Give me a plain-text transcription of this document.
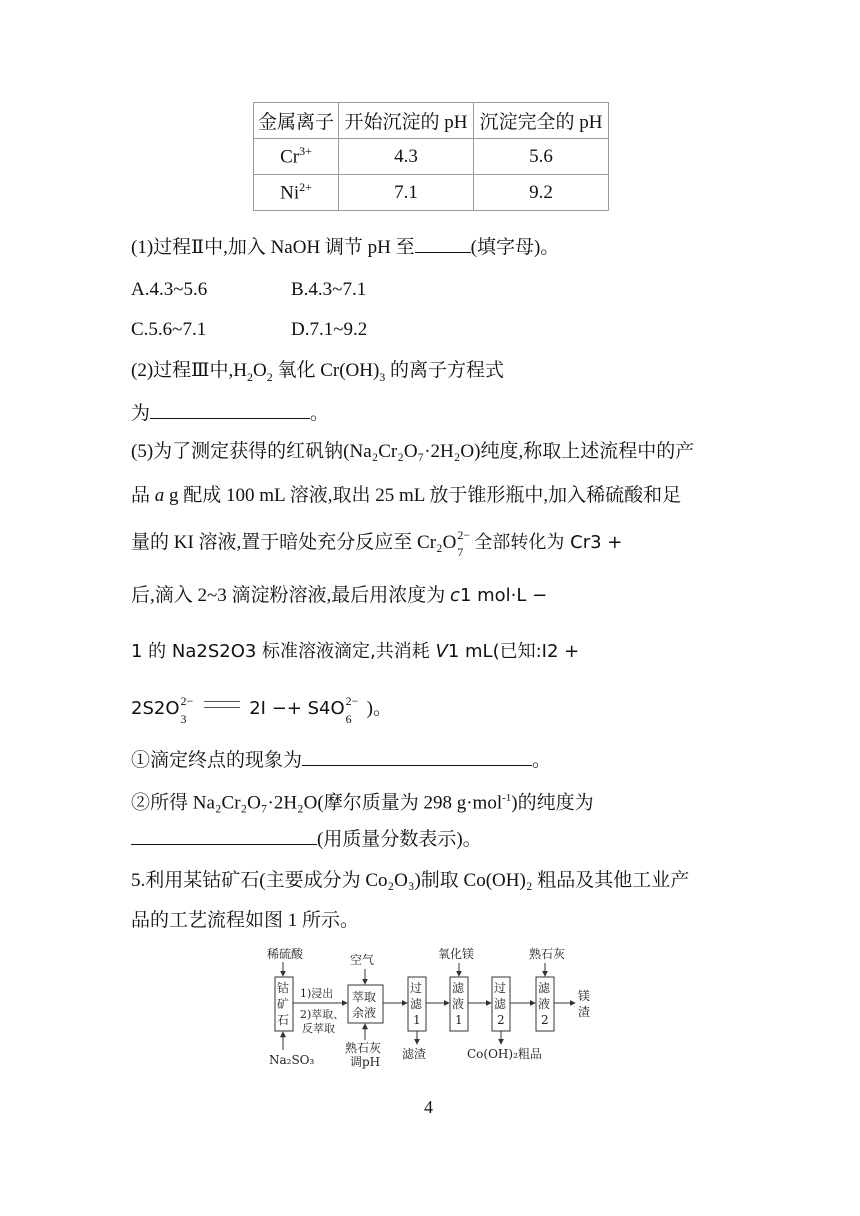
金属离子	开始沉淀的 pH	沉淀完全的 pH
$Cr^{3+}$	4.3	5.6
$Ni^{2+}$	7.1	9.2
(1)过程Ⅱ中,加入 NaOH 调节 pH 至	(填字母)。
A.4.3~5.6	B.4.3~7.1
C.5.6~7.1	D.7.1~9.2
(2)过程Ⅲ中$,H_2O_2$ 氧化 $Cr(OH)_3$ 的离子方程式
为	。
(5)为了测定获得的红矾钠(Na₂Cr₂O₇·2H₂O)纯度,称取上述流程中的产
品 a g 配成 100 mL 溶液,取出 25 mL 放于锥形瓶中,加入稀硫酸和足
量的 KI 溶液,置于暗处充分反应至 Cr₂O 2−
7 全部转化为 Cr3 +
后,滴入 2~3 滴淀粉溶液,最后用浓度为 c1 mol·L −
1 的 Na2S2O3 标准溶液滴定,共消耗 V1 mL(已知:I2 +
2S2O 2−
3	2I −+ S4O 2−
6 )。
①滴定终点的现象为	。
②所得 Na₂Cr₂O₇·2H₂O(摩尔质量为 298 g·mol$^{-1}$)的纯度为
(用质量分数表示)。
5.利用某钴矿石(主要成分为 Co₂O₃)制取 Co(OH)₂ 粗品及其他工业产
品的工艺流程如图 1 所示。
稀硫酸
钴
矿
石
Na₂SO₃
1)浸出
2)萃取、
反萃取
空气
萃取
余液
熟石灰
调pH
过
滤
1
滤渣
氧化镁
滤
液
1
过
滤
2
Co(OH)₂粗品
熟石灰
滤
液
2
镁
渣
4
